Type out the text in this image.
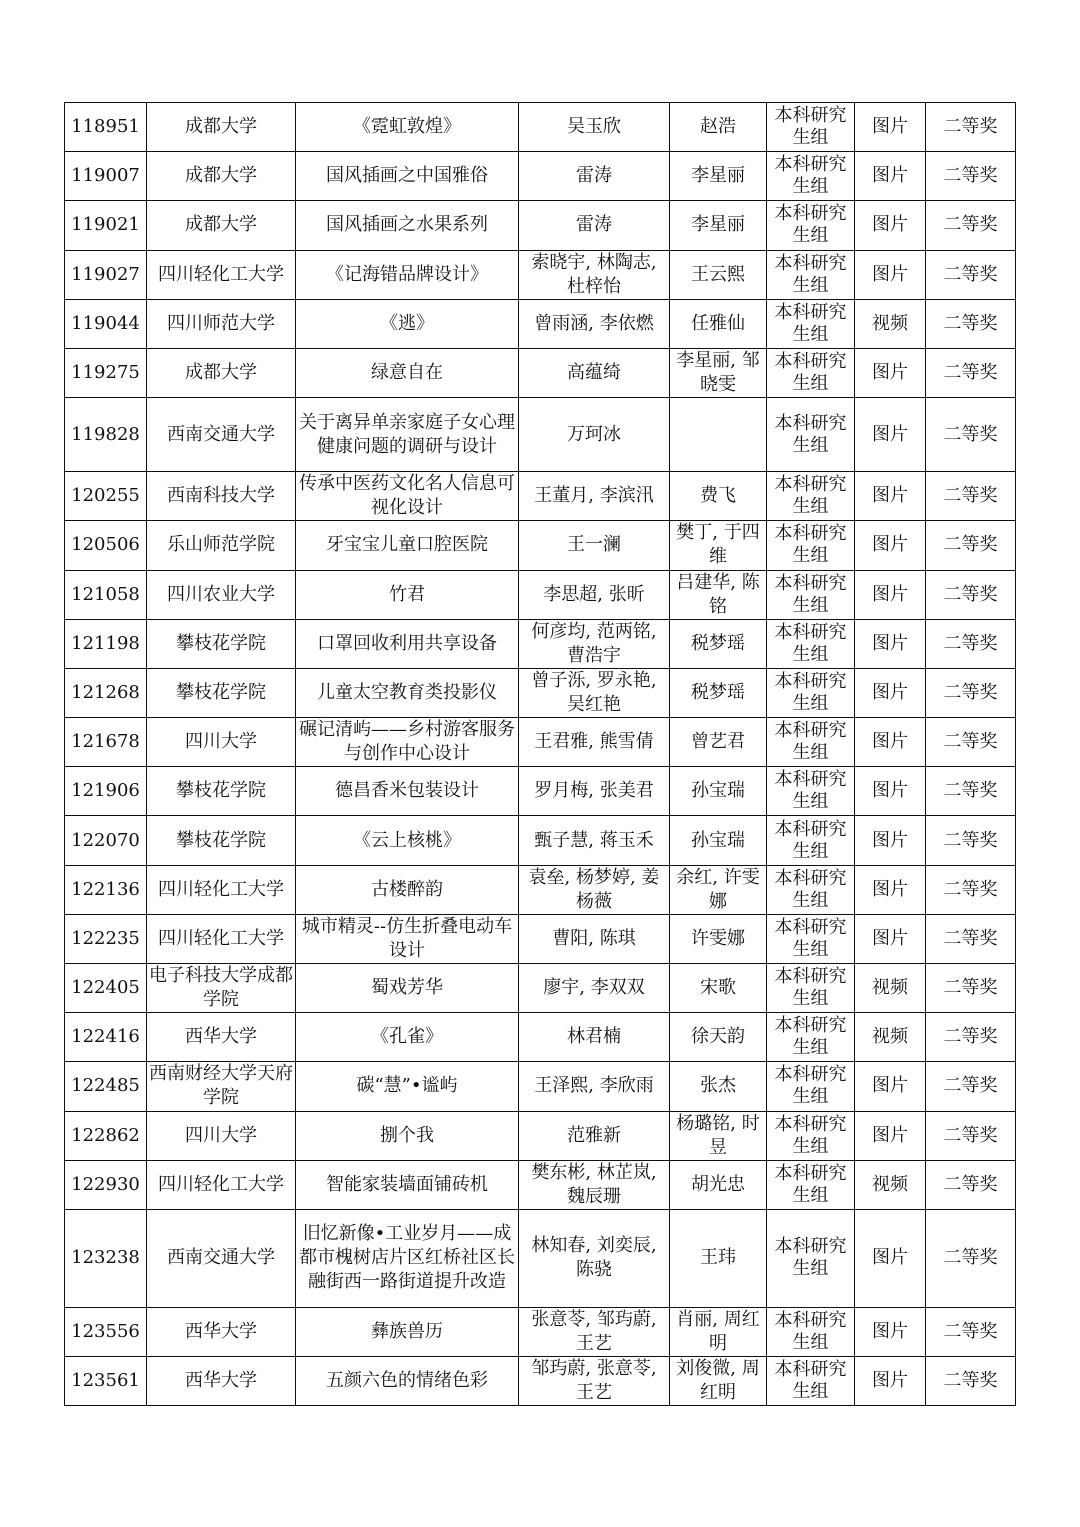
118951	成都大学	《霓虹敦煌》	吴玉欣	赵浩	本科研究生组	图片	二等奖
119007	成都大学	国风插画之中国雅俗	雷涛	李星丽	本科研究生组	图片	二等奖
119021	成都大学	国风插画之水果系列	雷涛	李星丽	本科研究生组	图片	二等奖
119027	四川轻化工大学	《记海错品牌设计》	索晓宇, 林陶志, 杜梓怡	王云熙	本科研究生组	图片	二等奖
119044	四川师范大学	《逃》	曾雨涵, 李依燃	任雅仙	本科研究生组	视频	二等奖
119275	成都大学	绿意自在	高蕴绮	李星丽, 邹晓雯	本科研究生组	图片	二等奖
119828	西南交通大学	关于离异单亲家庭子女心理健康问题的调研与设计	万珂冰		本科研究生组	图片	二等奖
120255	西南科技大学	传承中医药文化名人信息可视化设计	王董月, 李滨汛	费飞	本科研究生组	图片	二等奖
120506	乐山师范学院	牙宝宝儿童口腔医院	王一澜	樊丁, 于四维	本科研究生组	图片	二等奖
121058	四川农业大学	竹君	李思超, 张昕	吕建华, 陈铭	本科研究生组	图片	二等奖
121198	攀枝花学院	口罩回收利用共享设备	何彦均, 范两铭, 曹浩宇	税梦瑶	本科研究生组	图片	二等奖
121268	攀枝花学院	儿童太空教育类投影仪	曾子泺, 罗永艳, 吴红艳	税梦瑶	本科研究生组	图片	二等奖
121678	四川大学	碾记清屿——乡村游客服务与创作中心设计	王君雅, 熊雪倩	曾艺君	本科研究生组	图片	二等奖
121906	攀枝花学院	德昌香米包装设计	罗月梅, 张美君	孙宝瑞	本科研究生组	图片	二等奖
122070	攀枝花学院	《云上核桃》	甄子慧, 蒋玉禾	孙宝瑞	本科研究生组	图片	二等奖
122136	四川轻化工大学	古楼醉韵	袁垒, 杨梦婷, 姜杨薇	余红, 许雯娜	本科研究生组	图片	二等奖
122235	四川轻化工大学	城市精灵--仿生折叠电动车设计	曹阳, 陈琪	许雯娜	本科研究生组	图片	二等奖
122405	电子科技大学成都学院	蜀戏芳华	廖宇, 李双双	宋歌	本科研究生组	视频	二等奖
122416	西华大学	《孔雀》	林君楠	徐天韵	本科研究生组	视频	二等奖
122485	西南财经大学天府学院	碳“慧”•谧屿	王泽熙, 李欣雨	张杰	本科研究生组	图片	二等奖
122862	四川大学	捌个我	范雅新	杨璐铭, 时昱	本科研究生组	图片	二等奖
122930	四川轻化工大学	智能家装墙面铺砖机	樊东彬, 林芷岚, 魏辰珊	胡光忠	本科研究生组	视频	二等奖
123238	西南交通大学	旧忆新像•工业岁月——成都市槐树店片区红桥社区长融街西一路街道提升改造	林知春, 刘奕辰, 陈骁	王玮	本科研究生组	图片	二等奖
123556	西华大学	彝族兽历	张意苓, 邹玙蔚, 王艺	肖丽, 周红明	本科研究生组	图片	二等奖
123561	西华大学	五颜六色的情绪色彩	邹玙蔚, 张意苓, 王艺	刘俊微, 周红明	本科研究生组	图片	二等奖
